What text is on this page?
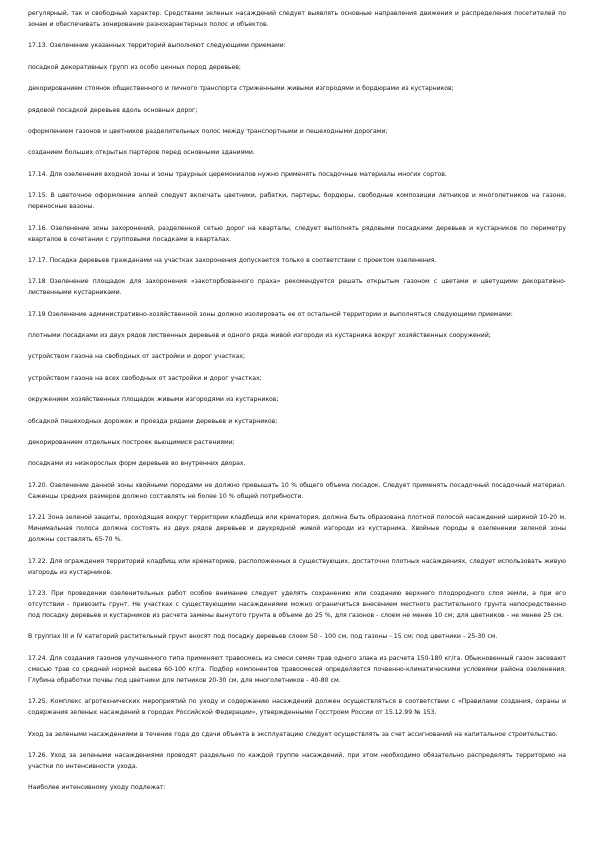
регулярный, так и свободный характер. Средствами зеленых насаждений следует выявлять основные направления движения и распределения посетителей по зонам и обеспечивать зонирование разнохарактерных полос и объектов.

17.13. Озеленение указанных территорий выполняют следующими приемами:

посадкой декоративных групп из особо ценных пород деревьев;

декорированием стоянок общественного и личного транспорта стриженными живыми изгородями и бордюрами из кустарников;

рядовой посадкой деревьев вдоль основных дорог;

оформлением газонов и цветников разделительных полос между транспортными и пешеходными дорогами;

созданием больших открытых партеров перед основными зданиями.

17.14. Для озеленения входной зоны и зоны траурных церемониалов нужно применять посадочные материалы многих сортов.

17.15. В цветочное оформление аллей следует включать цветники, рабатки, партеры, бордюры, свободные композиции летников и многолетников на газоне, переносные вазоны.

17.16. Озеленение зоны захоронений, разделенной сетью дорог на кварталы, следует выполнять рядовыми посадками деревьев и кустарников по периметру кварталов в сочетании с групповыми посадками в кварталах.

17.17. Посадка деревьев гражданами на участках захоронения допускается только в соответствии с проектом озеленения.

17.18 Озеленение площадок для захоронения «закоторбованного праха» рекомендуется решать открытым газоном с цветами и цветущими декоративно-лиственными кустарниками.

17.19 Озеленение административно-хозяйственной зоны должно изолировать ее от остальной территории и выполняться следующими приемами:

плотными посадками из двух рядов лиственных деревьев и одного ряда живой изгороди из кустарника вокруг хозяйственных сооружений;

устройством газона на свободных от застройки и дорог участках;

устройством газона на всех свободных от застройки и дорог участках;

окружением хозяйственных площадок живыми изгородями из кустарников;

обсадкой пешеходных дорожек и проезда рядами деревьев и кустарников;

декорированием отдельных построек вьющимися растениями;

посадками из низкорослых форм деревьев во внутренних дворах.

17.20. Озеленение данной зоны хвойными породами не должно превышать 10 % общего объема посадок. Следует применять посадочный посадочный материал. Саженцы средних размеров должно составлять не более 10 % общей потребности.

17.21 Зона зеленой защиты, проходящая вокруг территории кладбища или крематория, должна быть образована плотной полосой насаждений шириной 10-20 м. Минимальная полоса должна состоять из двух рядов деревьев и двухрядной живой изгороди из кустарника. Хвойные породы в озеленении зеленой зоны должны составлять 65-70 %.

17.22. Для ограждения территорий кладбищ или крематориев, расположенных в существующих, достаточно плотных насаждениях, следует использовать живую изгородь из кустарников.

17.23. При проведении озеленительных работ особое внимание следует уделять сохранению или созданию верхнего плодородного слоя земли, а при его отсутствии - привозить грунт. Не участках с существующими насаждениями можно ограничиться внесением местного растительного грунта непосредственно под посадку деревьев и кустарников из расчета замены вынутого грунта в объеме до 25 %, для газонов - слоем не менее 10 см; для цветников - не менее 25 см.

В группах III и IV категорий растительный грунт вносят под посадку деревьев слоем 50 - 100 см, под газоны - 15 см; под цветники - 25-30 см.

17.24. Для создания газонов улучшенного типа применяют травосмесь из смеси семян трав одного злака из расчета 150-180 кг/га. Обыкновенный газон засевают смесью трав со средней нормой высева 60-100 кг/га. Подбор компонентов травосмесей определяется почвенно-климатическими условиями района озеленения. Глубина обработки почвы под цветники для летников 20-30 см, для многолетников - 40-80 см.

17.25. Комплекс агротехнических мероприятий по уходу и содержанию насаждений должен осуществляться в соответствии с «Правилами создания, охраны и содержания зеленых насаждений в городах Российской Федерации», утвержденными Госстроем России от 15.12.99 № 153.

Уход за зелеными насаждениями в течение года до сдачи объекта в эксплуатацию следует осуществлять за счет ассигнований на капитальное строительство.

17.26. Уход за зелеными насаждениями проводят раздельно по каждой группе насаждений, при этом необходимо обязательно распределять территорию на участки по интенсивности ухода.

Наиболее интенсивному уходу подлежат:
